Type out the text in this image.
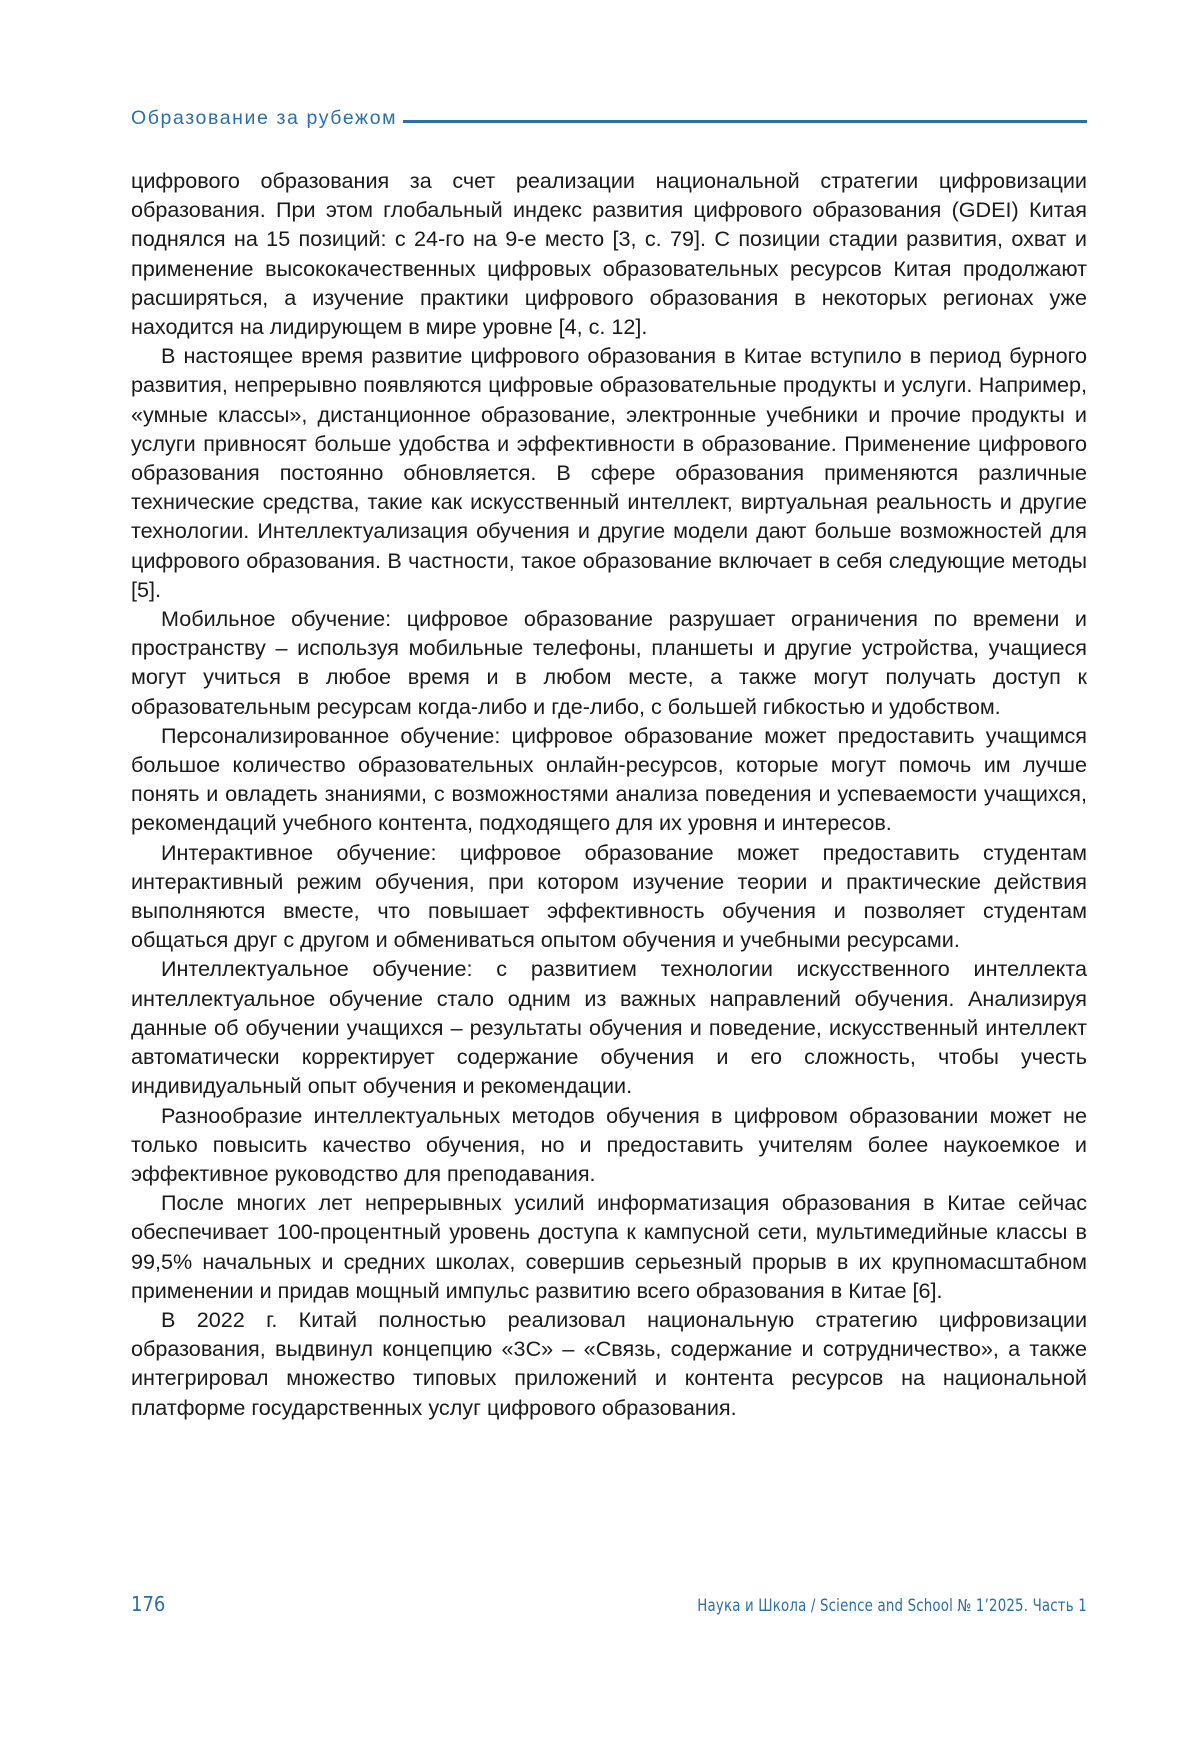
Образование за рубежом

цифрового образования за счет реализации национальной стратегии цифровизации образования. При этом глобальный индекс развития цифрового образования (GDEI) Китая поднялся на 15 позиций: с 24-го на 9-е место [3, с. 79]. С позиции стадии развития, охват и применение высококачественных цифровых образовательных ресурсов Китая продолжают расширяться, а изучение практики цифрового образования в некоторых регионах уже находится на лидирующем в мире уровне [4, с. 12].

В настоящее время развитие цифрового образования в Китае вступило в период бурного развития, непрерывно появляются цифровые образовательные продукты и услуги. Например, «умные классы», дистанционное образование, электронные учебники и прочие продукты и услуги привносят больше удобства и эффективности в образование. Применение цифрового образования постоянно обновляется. В сфере образования применяются различные технические средства, такие как искусственный интеллект, виртуальная реальность и другие технологии. Интеллектуализация обучения и другие модели дают больше возможностей для цифрового образования. В частности, такое образование включает в себя следующие методы [5].

Мобильное обучение: цифровое образование разрушает ограничения по времени и пространству – используя мобильные телефоны, планшеты и другие устройства, учащиеся могут учиться в любое время и в любом месте, а также могут получать доступ к образовательным ресурсам когда-либо и где-либо, с большей гибкостью и удобством.

Персонализированное обучение: цифровое образование может предоставить учащимся большое количество образовательных онлайн-ресурсов, которые могут помочь им лучше понять и овладеть знаниями, с возможностями анализа поведения и успеваемости учащихся, рекомендаций учебного контента, подходящего для их уровня и интересов.

Интерактивное обучение: цифровое образование может предоставить студентам интерактивный режим обучения, при котором изучение теории и практические действия выполняются вместе, что повышает эффективность обучения и позволяет студентам общаться друг с другом и обмениваться опытом обучения и учебными ресурсами.

Интеллектуальное обучение: с развитием технологии искусственного интеллекта интеллектуальное обучение стало одним из важных направлений обучения. Анализируя данные об обучении учащихся – результаты обучения и поведение, искусственный интеллект автоматически корректирует содержание обучения и его сложность, чтобы учесть индивидуальный опыт обучения и рекомендации.

Разнообразие интеллектуальных методов обучения в цифровом образовании может не только повысить качество обучения, но и предоставить учителям более наукоемкое и эффективное руководство для преподавания.

После многих лет непрерывных усилий информатизация образования в Китае сейчас обеспечивает 100-процентный уровень доступа к кампусной сети, мультимедийные классы в 99,5% начальных и средних школах, совершив серьезный прорыв в их крупномасштабном применении и придав мощный импульс развитию всего образования в Китае [6].

В 2022 г. Китай полностью реализовал национальную стратегию цифровизации образования, выдвинул концепцию «3С» – «Связь, содержание и сотрудничество», а также интегрировал множество типовых приложений и контента ресурсов на национальной платформе государственных услуг цифрового образования.

176	Наука и Школа / Science and School № 1’2025. Часть 1
